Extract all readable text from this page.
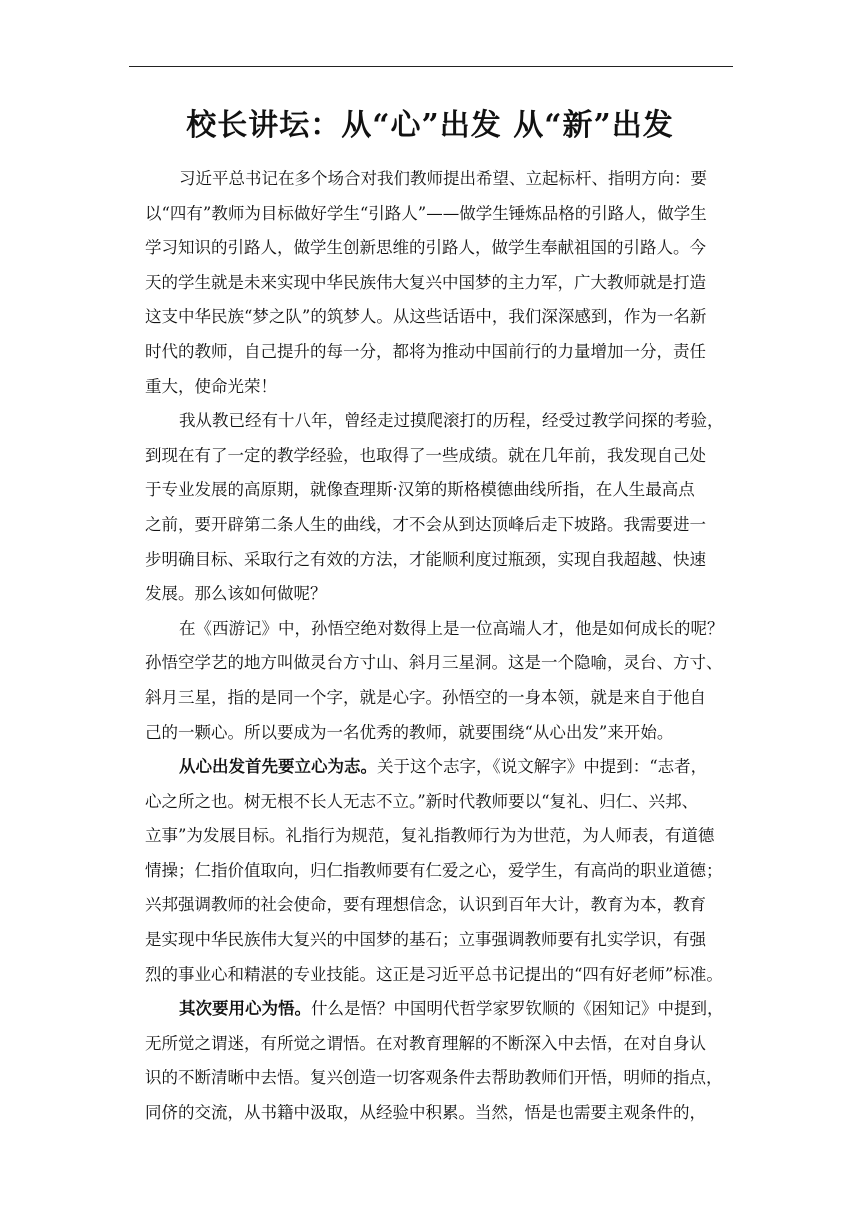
校长讲坛：从“心”出发 从“新”出发
习近平总书记在多个场合对我们教师提出希望、立起标杆、指明方向：要
以“四有”教师为目标做好学生“引路人”——做学生锤炼品格的引路人，做学生
学习知识的引路人，做学生创新思维的引路人，做学生奉献祖国的引路人。今
天的学生就是未来实现中华民族伟大复兴中国梦的主力军，广大教师就是打造
这支中华民族“梦之队”的筑梦人。从这些话语中，我们深深感到，作为一名新
时代的教师，自己提升的每一分，都将为推动中国前行的力量增加一分，责任
重大，使命光荣！
我从教已经有十八年，曾经走过摸爬滚打的历程，经受过教学问探的考验，
到现在有了一定的教学经验，也取得了一些成绩。就在几年前，我发现自己处
于专业发展的高原期，就像查理斯·汉第的斯格模德曲线所指，在人生最高点
之前，要开辟第二条人生的曲线，才不会从到达顶峰后走下坡路。我需要进一
步明确目标、采取行之有效的方法，才能顺利度过瓶颈，实现自我超越、快速
发展。那么该如何做呢？
在《西游记》中，孙悟空绝对数得上是一位高端人才，他是如何成长的呢？
孙悟空学艺的地方叫做灵台方寸山、斜月三星洞。这是一个隐喻，灵台、方寸、
斜月三星，指的是同一个字，就是心字。孙悟空的一身本领，就是来自于他自
己的一颗心。所以要成为一名优秀的教师，就要围绕“从心出发”来开始。
从心出发首先要立心为志。关于这个志字，《说文解字》中提到：“志者，
心之所之也。树无根不长人无志不立。”新时代教师要以“复礼、归仁、兴邦、
立事”为发展目标。礼指行为规范，复礼指教师行为为世范，为人师表，有道德
情操；仁指价值取向，归仁指教师要有仁爱之心，爱学生，有高尚的职业道德；
兴邦强调教师的社会使命，要有理想信念，认识到百年大计，教育为本，教育
是实现中华民族伟大复兴的中国梦的基石；立事强调教师要有扎实学识，有强
烈的事业心和精湛的专业技能。这正是习近平总书记提出的“四有好老师”标准。
其次要用心为悟。什么是悟？中国明代哲学家罗钦顺的《困知记》中提到，
无所觉之谓迷，有所觉之谓悟。在对教育理解的不断深入中去悟，在对自身认
识的不断清晰中去悟。复兴创造一切客观条件去帮助教师们开悟，明师的指点，
同侪的交流，从书籍中汲取，从经验中积累。当然，悟是也需要主观条件的，
